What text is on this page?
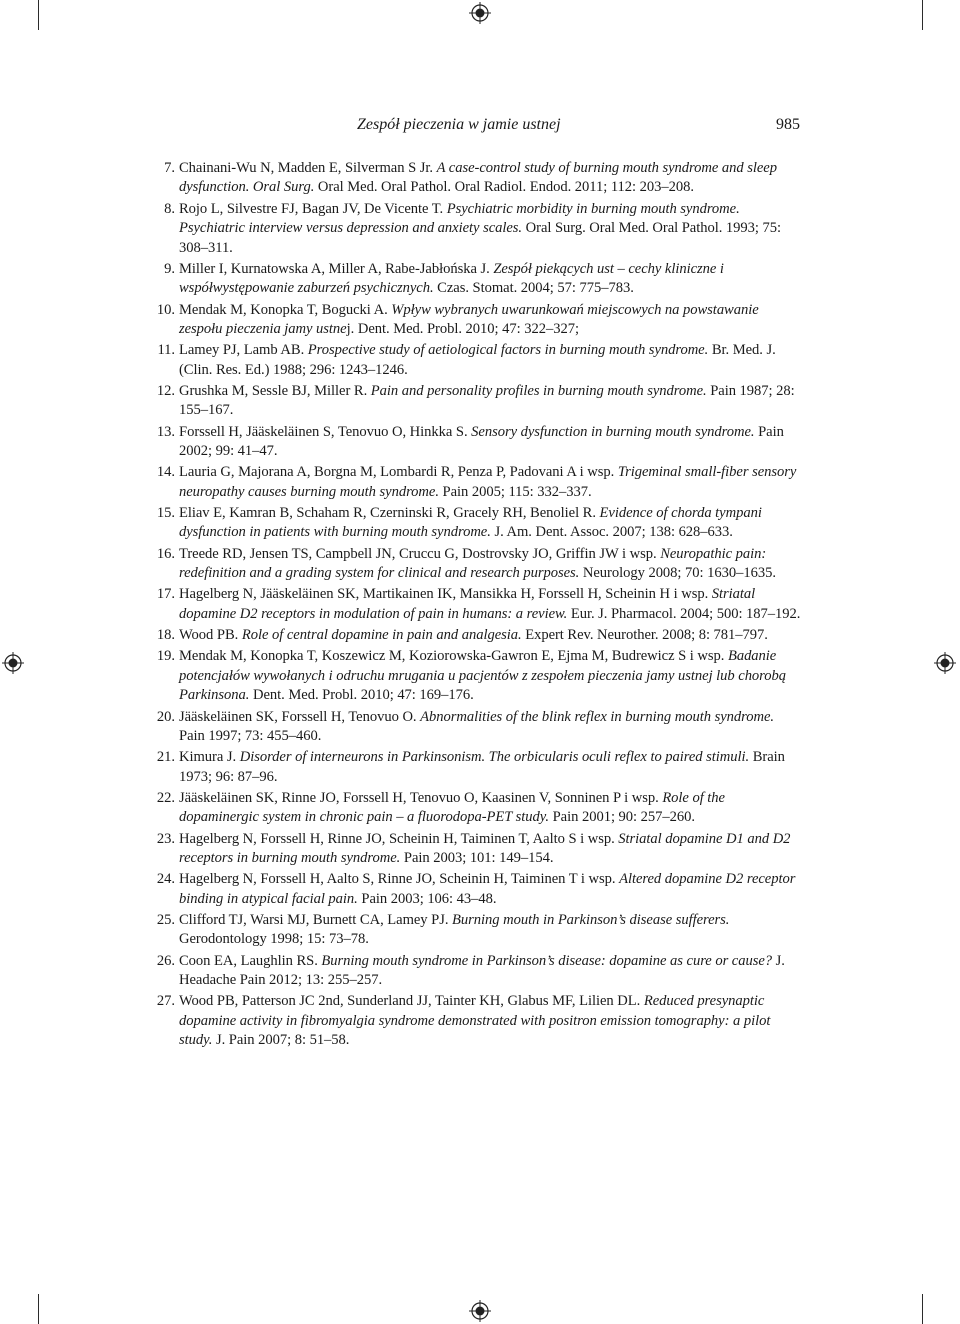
Zespół pieczenia w jamie ustnej	985
7. Chainani-Wu N, Madden E, Silverman S Jr. A case-control study of burning mouth syndrome and sleep dysfunction. Oral Surg. Oral Med. Oral Pathol. Oral Radiol. Endod. 2011; 112: 203–208.
8. Rojo L, Silvestre FJ, Bagan JV, De Vicente T. Psychiatric morbidity in burning mouth syndrome. Psychiatric interview versus depression and anxiety scales. Oral Surg. Oral Med. Oral Pathol. 1993; 75: 308–311.
9. Miller I, Kurnatowska A, Miller A, Rabe-Jabłońska J. Zespół piekących ust – cechy kliniczne i współwystępowanie zaburzeń psychicznych. Czas. Stomat. 2004; 57: 775–783.
10. Mendak M, Konopka T, Bogucki A. Wpływ wybranych uwarunkowań miejscowych na powstawanie zespołu pieczenia jamy ustnej. Dent. Med. Probl. 2010; 47: 322–327;
11. Lamey PJ, Lamb AB. Prospective study of aetiological factors in burning mouth syndrome. Br. Med. J. (Clin. Res. Ed.) 1988; 296: 1243–1246.
12. Grushka M, Sessle BJ, Miller R. Pain and personality profiles in burning mouth syndrome. Pain 1987; 28: 155–167.
13. Forssell H, Jääskeläinen S, Tenovuo O, Hinkka S. Sensory dysfunction in burning mouth syndrome. Pain 2002; 99: 41–47.
14. Lauria G, Majorana A, Borgna M, Lombardi R, Penza P, Padovani A i wsp. Trigeminal small-fiber sensory neuropathy causes burning mouth syndrome. Pain 2005; 115: 332–337.
15. Eliav E, Kamran B, Schaham R, Czerninski R, Gracely RH, Benoliel R. Evidence of chorda tympani dysfunction in patients with burning mouth syndrome. J. Am. Dent. Assoc. 2007; 138: 628–633.
16. Treede RD, Jensen TS, Campbell JN, Cruccu G, Dostrovsky JO, Griffin JW i wsp. Neuropathic pain: redefinition and a grading system for clinical and research purposes. Neurology 2008; 70: 1630–1635.
17. Hagelberg N, Jääskeläinen SK, Martikainen IK, Mansikka H, Forssell H, Scheinin H i wsp. Striatal dopamine D2 receptors in modulation of pain in humans: a review. Eur. J. Pharmacol. 2004; 500: 187–192.
18. Wood PB. Role of central dopamine in pain and analgesia. Expert Rev. Neurother. 2008; 8: 781–797.
19. Mendak M, Konopka T, Koszewicz M, Koziorowska-Gawron E, Ejma M, Budrewicz S i wsp. Badanie potencjałów wywołanych i odruchu mrugania u pacjentów z zespołem pieczenia jamy ustnej lub chorobą Parkinsona. Dent. Med. Probl. 2010; 47: 169–176.
20. Jääskeläinen SK, Forssell H, Tenovuo O. Abnormalities of the blink reflex in burning mouth syndrome. Pain 1997; 73: 455–460.
21. Kimura J. Disorder of interneurons in Parkinsonism. The orbicularis oculi reflex to paired stimuli. Brain 1973; 96: 87–96.
22. Jääskeläinen SK, Rinne JO, Forssell H, Tenovuo O, Kaasinen V, Sonninen P i wsp. Role of the dopaminergic system in chronic pain – a fluorodopa-PET study. Pain 2001; 90: 257–260.
23. Hagelberg N, Forssell H, Rinne JO, Scheinin H, Taiminen T, Aalto S i wsp. Striatal dopamine D1 and D2 receptors in burning mouth syndrome. Pain 2003; 101: 149–154.
24. Hagelberg N, Forssell H, Aalto S, Rinne JO, Scheinin H, Taiminen T i wsp. Altered dopamine D2 receptor binding in atypical facial pain. Pain 2003; 106: 43–48.
25. Clifford TJ, Warsi MJ, Burnett CA, Lamey PJ. Burning mouth in Parkinson’s disease sufferers. Gerodontology 1998; 15: 73–78.
26. Coon EA, Laughlin RS. Burning mouth syndrome in Parkinson’s disease: dopamine as cure or cause? J. Headache Pain 2012; 13: 255–257.
27. Wood PB, Patterson JC 2nd, Sunderland JJ, Tainter KH, Glabus MF, Lilien DL. Reduced presynaptic dopamine activity in fibromyalgia syndrome demonstrated with positron emission tomography: a pilot study. J. Pain 2007; 8: 51–58.
